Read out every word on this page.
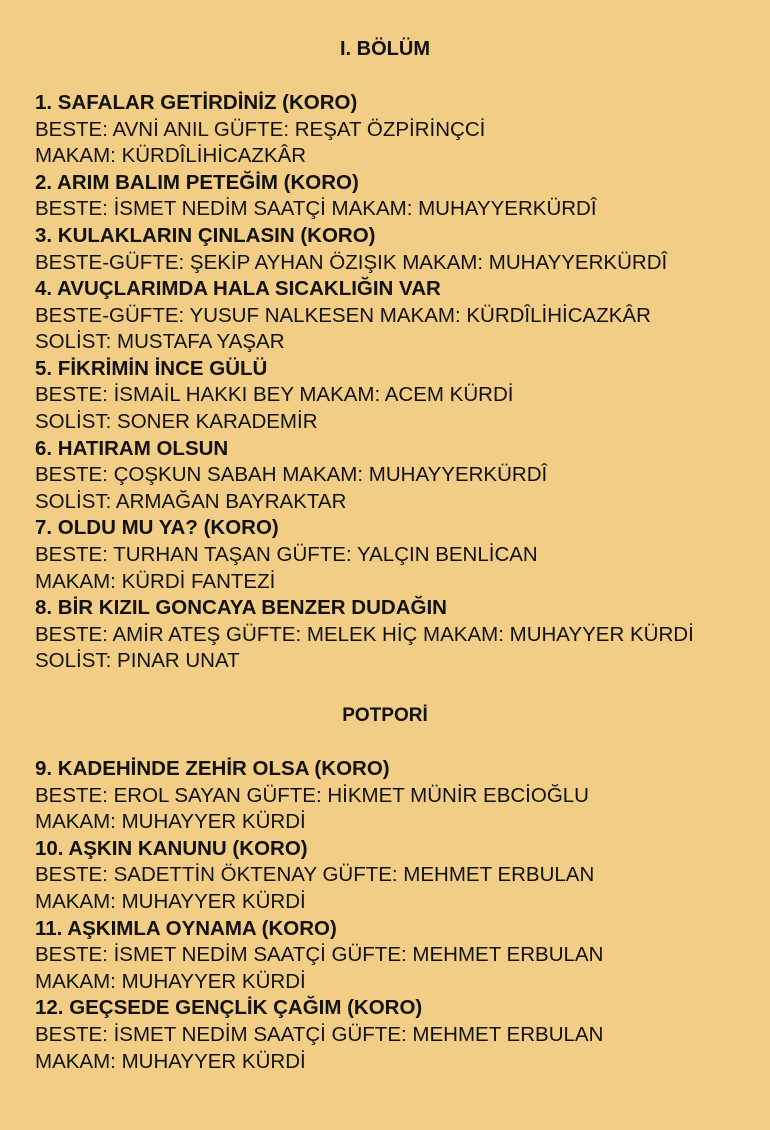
I. BÖLÜM
1. SAFALAR GETİRDİNİZ (KORO)
BESTE: AVNİ ANIL GÜFTE: REŞAT ÖZPİRİNÇCİ
MAKAM: KÜRDÎLİHİCAZKÂR
2. ARIM BALIM PETEĞİM (KORO)
BESTE: İSMET NEDİM SAATÇİ MAKAM: MUHAYYERKÜRDÎ
3. KULAKLARIN ÇINLASIN (KORO)
BESTE-GÜFTE: ŞEKİP AYHAN ÖZIŞIK MAKAM: MUHAYYERKÜRDÎ
4. AVUÇLARIMDA HALA SICAKLIĞIN VAR
BESTE-GÜFTE: YUSUF NALKESEN MAKAM: KÜRDÎLİHİCAZKÂR
SOLİST: MUSTAFA YAŞAR
5. FİKRİMİN İNCE GÜLÜ
BESTE: İSMAİL HAKKI BEY MAKAM: ACEM KÜRDİ
SOLİST: SONER KARADEMİR
6. HATIRAM OLSUN
BESTE: ÇOŞKUN SABAH MAKAM: MUHAYYERKÜRDÎ
SOLİST: ARMAĞAN BAYRAKTAR
7. OLDU MU YA? (KORO)
BESTE: TURHAN TAŞAN GÜFTE: YALÇIN BENLİCAN
MAKAM: KÜRDİ FANTEZİ
8. BİR KIZIL GONCAYA BENZER DUDAĞIN
BESTE: AMİR ATEŞ GÜFTE: MELEK HİÇ MAKAM: MUHAYYER KÜRDİ
SOLİST: PINAR UNAT
POTPORİ
9. KADEHİNDE ZEHİR OLSA (KORO)
BESTE: EROL SAYAN GÜFTE: HİKMET MÜNİR EBCİOĞLU
MAKAM: MUHAYYER KÜRDİ
10. AŞKIN KANUNU (KORO)
BESTE: SADETTİN ÖKTENAY GÜFTE: MEHMET ERBULAN
MAKAM: MUHAYYER KÜRDİ
11. AŞKIMLA OYNAMA (KORO)
BESTE: İSMET NEDİM SAATÇİ GÜFTE: MEHMET ERBULAN
MAKAM: MUHAYYER KÜRDİ
12. GEÇSEDE GENÇLİK ÇAĞIM (KORO)
BESTE: İSMET NEDİM SAATÇİ GÜFTE: MEHMET ERBULAN
MAKAM: MUHAYYER KÜRDİ
